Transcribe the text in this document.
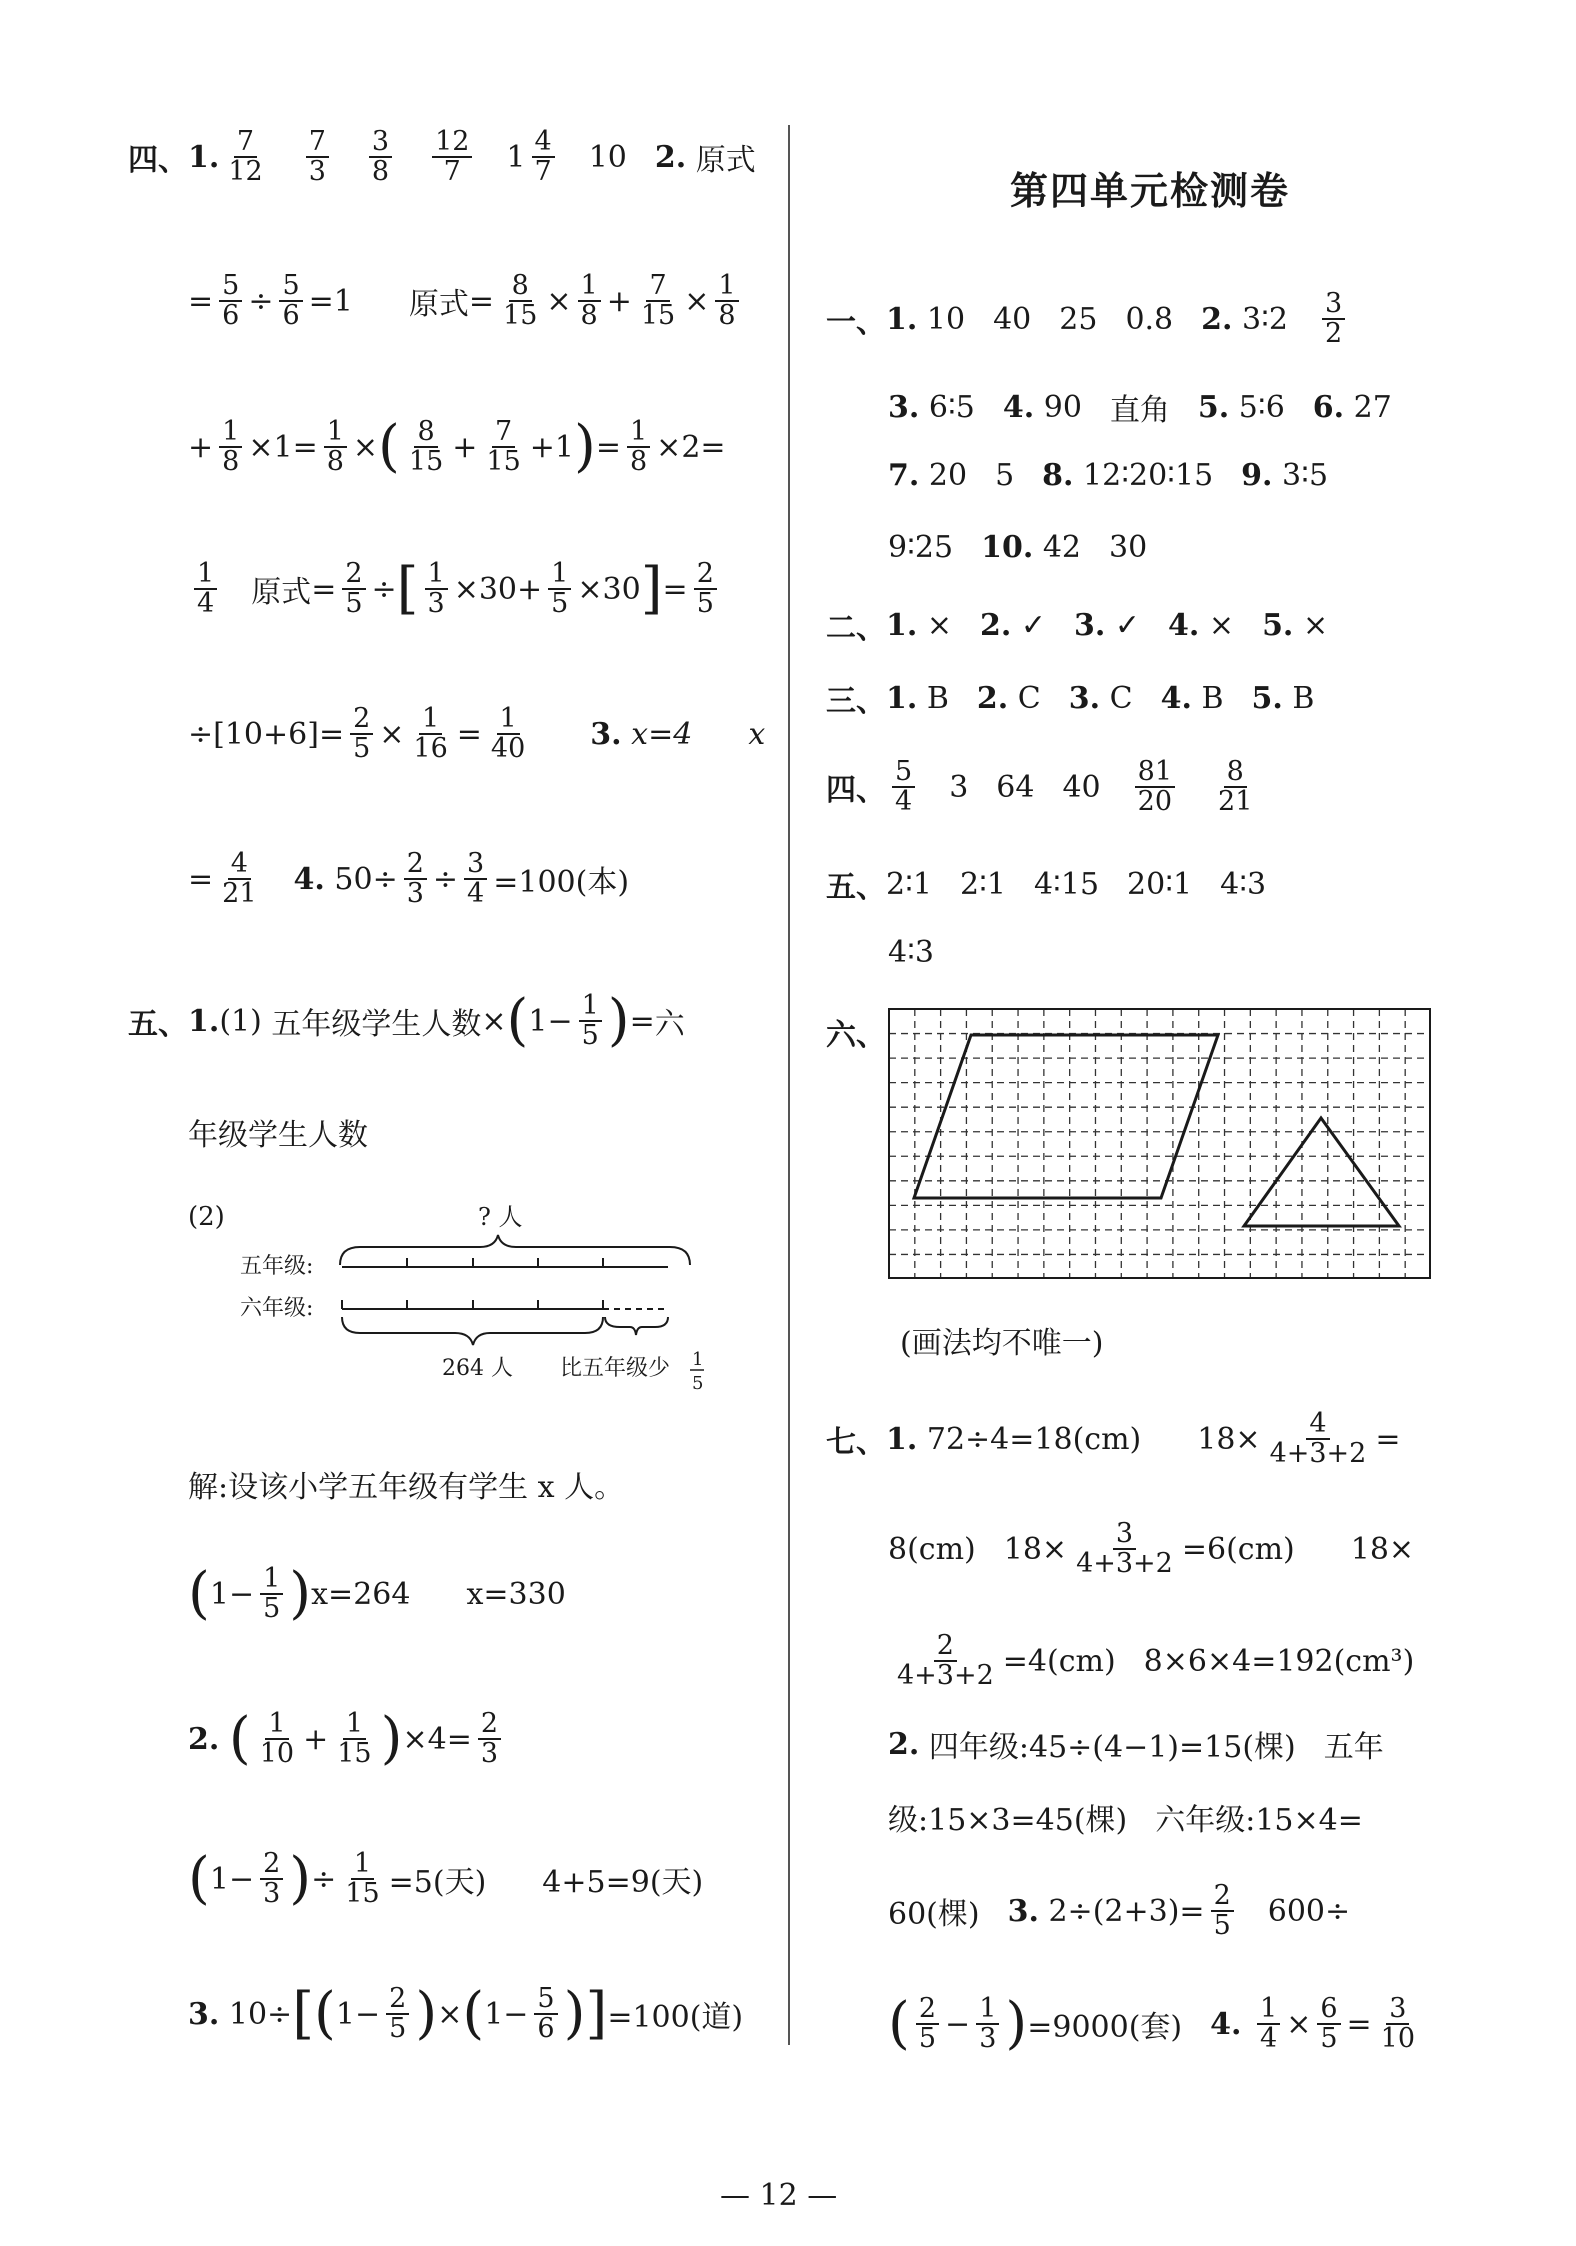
四、 1. $\frac{7}{12} \frac{7}{3} \frac{3}{8} \frac{12}{7} 1 \frac{4}{7} 10$ 2.
原式
= $\frac{5}{6} \div \frac{5}{6} = 1$ 原式 = $\frac{8}{15} \times \frac{1}{8} + \frac{7}{15} \times \frac{1}{8}$
+ $\frac{1}{8} \times 1 = \frac{1}{8}$ × ( $\frac{8}{15} + \frac{7}{15} + 1$ ) = $\frac{1}{8} \times 2$ =
$\frac{1}{4}$ 原式 = $\frac{2}{5}$ ÷ [ $\frac{1}{3} \times 30 + \frac{1}{5} \times 30$ ] = $\frac{2}{5}$
÷ $[10+6] = \frac{2}{5} \times \frac{1}{16} = \frac{1}{40} 3$.
x=4 x
= $\frac{4}{21} 4$.
$50 \div \frac{2}{3} \div \frac{3}{4} =100$(本)
五、 1. (1)
五年级学生人数 × ( $1 - \frac{1}{5}$ ) = 六
年级学生人数
(2)	? 人
五年级:
六年级:
264 人 比五年级少 1
5
解:设该小学五年级有学生 x 人。
( $1 - \frac{1}{5}$ ) x=264 x=330
2.
( $\frac{1}{10} + \frac{1}{15}$ ) $\times 4 = \frac{2}{3}$
( $1 - \frac{2}{3}$ ) ÷ $\frac{1}{15} =5$(天) 4+5=9(天)
3.
10÷ [ ( $1 - \frac{2}{5}$ ) × ( $1 - \frac{5}{6}$ ) ] =100(道)
第四单元检测卷
一、 1.
10 40 25 0.8 2.
3∶2 $\frac{3}{2}$
3.
6∶5 4.
90 直角 5.
5∶6 6.
27
7.
20 5 8.
12∶20∶15 9.
3∶5
9∶25 10.
42 30
二、 1.
× 2.
✓ 3.
✓ 4.
× 5.
×
三、 1.
B 2.
C 3.
C 4.
B 5.
B
四、 $\frac{5}{4} 3$ 64 $40 \frac{81}{20} \frac{8}{21}$
五、 2∶1 2∶1 4∶15 20∶1 4∶3
4∶3
六、
(画法均不唯一)
七、 1.
72÷4=18(cm) $18\times \frac{4}{4+3+2}$ =
8(cm) $18\times \frac{3}{4+3+2} =6(cm)$ 18×
$\frac{2}{4+3+2} =4(cm)$ 8×6×4=192(cm³)
2.
四年级:45÷(4−1)=15(棵) 五年
级:15×3=45(棵) 六年级:15×4=
60(棵) 3.
$2\div(2+3)= \frac{2}{5} 600\div$
( $\frac{2}{5} - \frac{1}{3}$ ) =9000(套) 4.
$\frac{1}{4} \times \frac{6}{5} = \frac{3}{10}$
— 12 —
